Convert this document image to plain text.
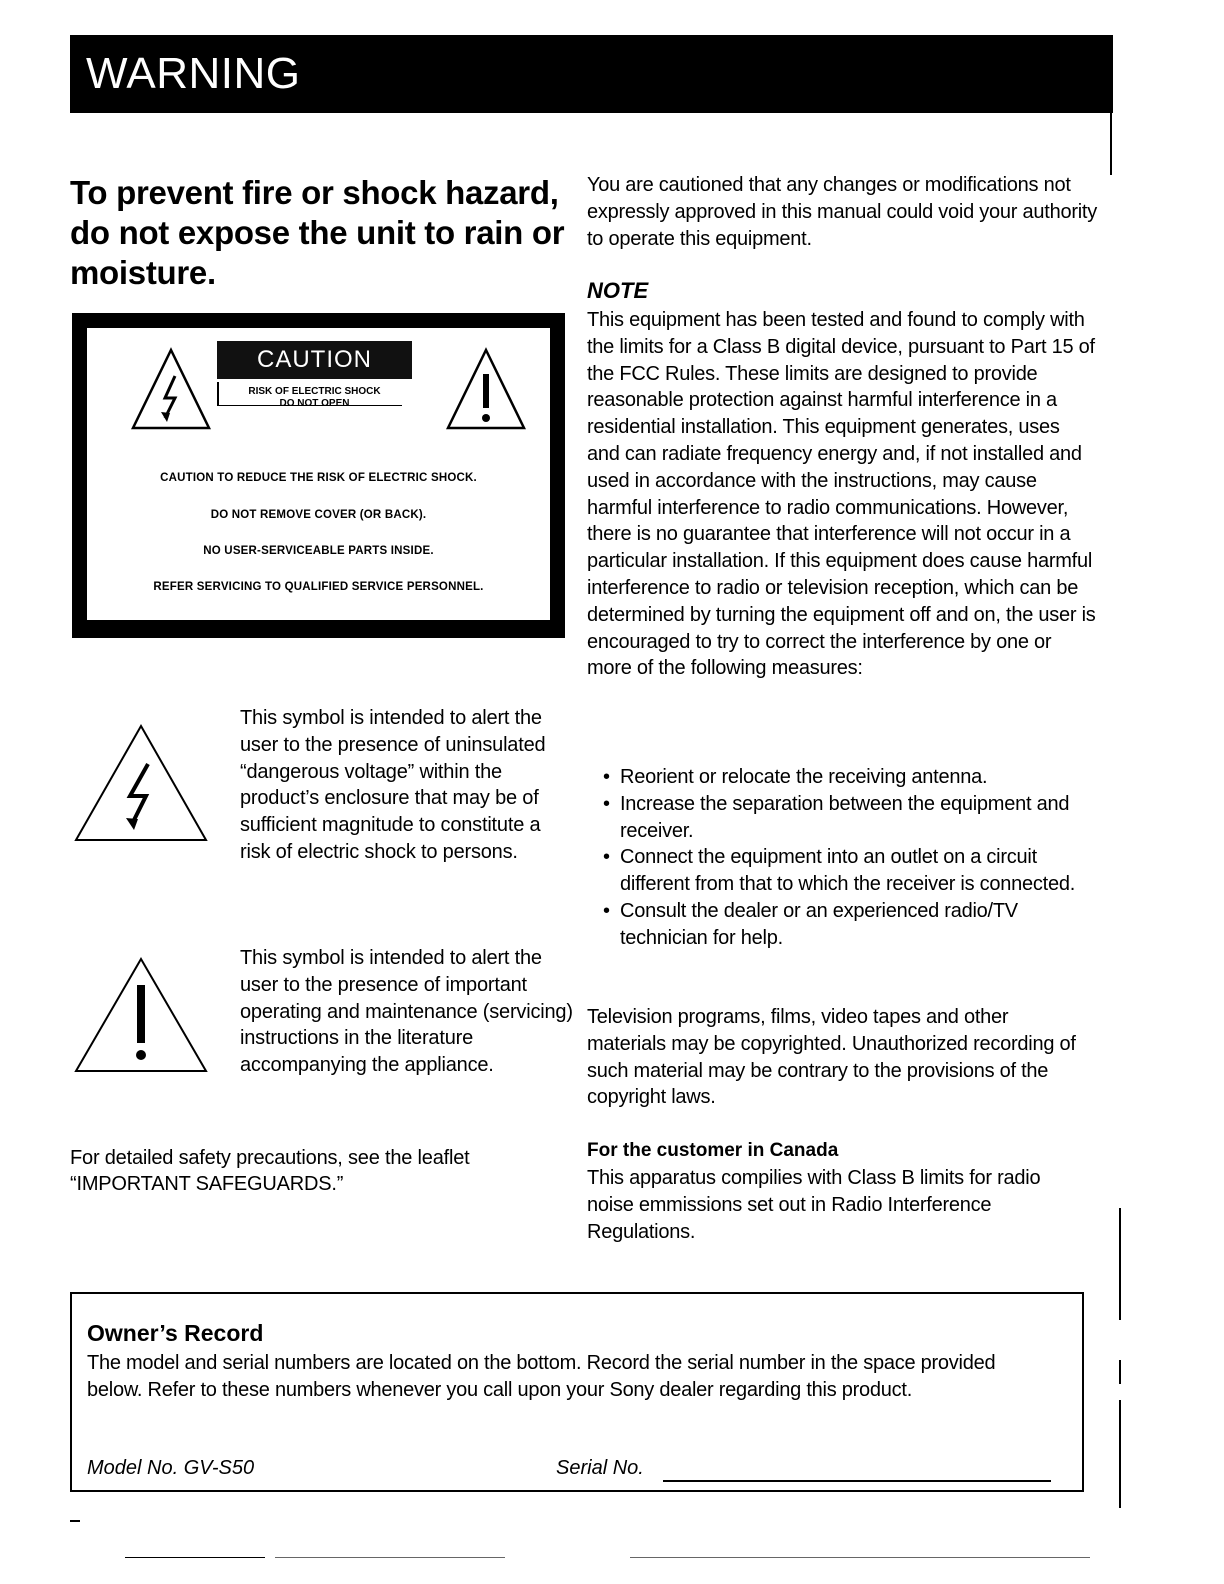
WARNING
To prevent fire or shock hazard, do not expose the unit to rain or moisture.
CAUTION
RISK OF ELECTRIC SHOCK
DO NOT OPEN
CAUTION TO REDUCE THE RISK OF ELECTRIC SHOCK.
DO NOT REMOVE COVER (OR BACK).
NO USER-SERVICEABLE PARTS INSIDE.
REFER SERVICING TO QUALIFIED SERVICE PERSONNEL.
This symbol is intended to alert the user to the presence of uninsulated “dangerous voltage” within the product’s enclosure that may be of sufficient magnitude to constitute a risk of electric shock to persons.
This symbol is intended to alert the user to the presence of important operating and maintenance (servicing) instructions in the literature accompanying the appliance.
For detailed safety precautions, see the leaflet “IMPORTANT SAFEGUARDS.”
You are cautioned that any changes or modifications not expressly approved in this manual could void your authority to operate this equipment.
NOTE
This equipment has been tested and found to comply with the limits for a Class B digital device, pursuant to Part 15 of the FCC Rules. These limits are designed to provide reasonable protection against harmful interference in a residential installation. This equipment generates, uses and can radiate frequency energy and, if not installed and used in accordance with the instructions, may cause harmful interference to radio communications. However, there is no guarantee that interference will not occur in a particular installation. If this equipment does cause harmful interference to radio or television reception, which can be determined by turning the equipment off and on, the user is encouraged to try to correct the interference by one or more of the following measures:
• Reorient or relocate the receiving antenna.
• Increase the separation between the equipment and receiver.
• Connect the equipment into an outlet on a circuit different from that to which the receiver is connected.
• Consult the dealer or an experienced radio/TV technician for help.
Television programs, films, video tapes and other materials may be copyrighted. Unauthorized recording of such material may be contrary to the provisions of the copyright laws.
For the customer in Canada
This apparatus compilies with Class B limits for radio noise emmissions set out in Radio Interference Regulations.
Owner’s Record
The model and serial numbers are located on the bottom. Record the serial number in the space provided below. Refer to these numbers whenever you call upon your Sony dealer regarding this product.
Model No. GV-S50	Serial No.
